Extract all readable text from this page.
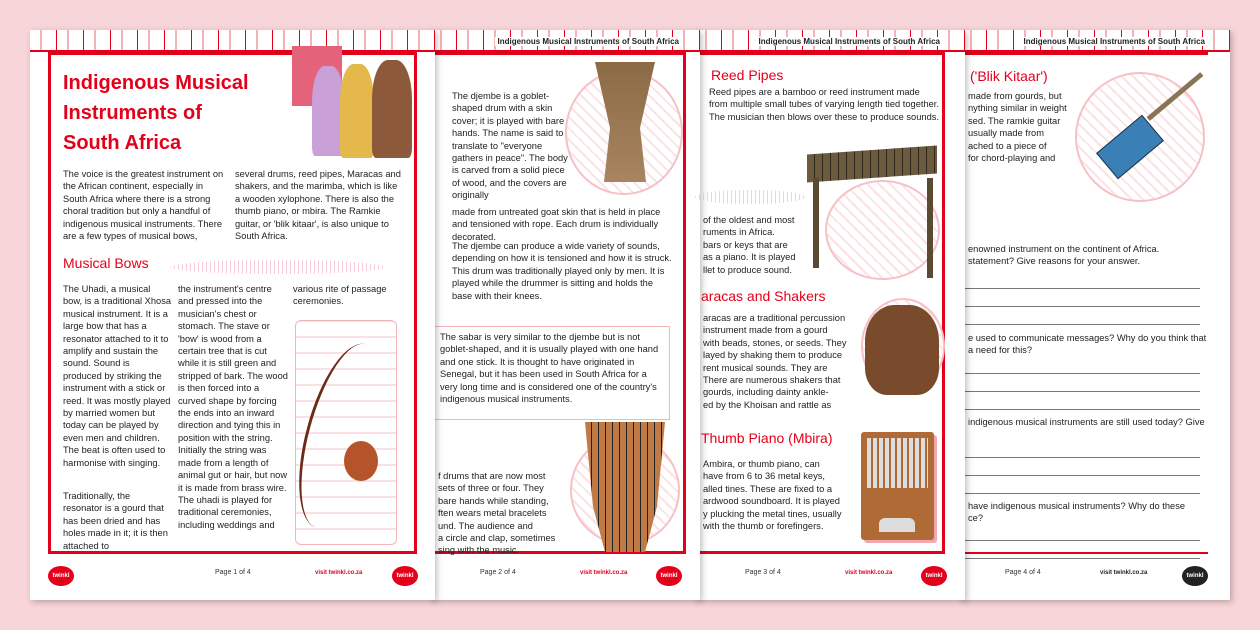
Indigenous Musical Instruments of South Africa
('Blik Kitaar')
made from gourds, but
nything similar in weight
sed. The ramkie guitar
usually made from
ached to a piece of
for chord-playing and
enowned instrument on the continent of Africa.
statement? Give reasons for your answer.
e used to communicate messages? Why do you think that
a need for this?
indigenous musical instruments are still used today? Give
have indigenous musical instruments? Why do these
ce?
Page 4 of 4	visit twinkl.co.za	twinkl
Indigenous Musical Instruments of South Africa
Reed Pipes
Reed pipes are a bamboo or reed instrument made from multiple small tubes of varying length tied together. The musician then blows over these to produce sounds.
of the oldest and most
ruments in Africa.
bars or keys that are
as a piano. It is played
llet to produce sound.
aracas and Shakers
aracas are a traditional percussion
instrument made from a gourd
with beads, stones, or seeds. They
layed by shaking them to produce
rent musical sounds. They are
There are numerous shakers that
gourds, including dainty ankle-
ed by the Khoisan and rattle as
Thumb Piano (Mbira)
Ambira, or thumb piano, can
have from 6 to 36 metal keys,
alled tines. These are fixed to a
ardwood soundboard. It is played
y plucking the metal tines, usually
with the thumb or forefingers.
Page 3 of 4	visit twinkl.co.za	twinkl
Indigenous Musical Instruments of South Africa
The djembe is a goblet-shaped drum with a skin cover; it is played with bare hands. The name is said to translate to "everyone gathers in peace". The body is carved from a solid piece of wood, and the covers are originally
made from untreated goat skin that is held in place and tensioned with rope. Each drum is individually decorated.
The djembe can produce a wide variety of sounds, depending on how it is tensioned and how it is struck. This drum was traditionally played only by men. It is played while the drummer is sitting and holds the base with their knees.
The sabar is very similar to the djembe but is not goblet-shaped, and it is usually played with one hand and one stick. It is thought to have originated in Senegal, but it has been used in South Africa for a very long time and is considered one of the country's indigenous musical instruments.
f drums that are now most
sets of three or four. They
bare hands while standing,
ften wears metal bracelets
und. The audience and
a circle and clap, sometimes
sing with the music.
Page 2 of 4	visit twinkl.co.za	twinkl
Indigenous Musical
Instruments of
South Africa
The voice is the greatest instrument on the African continent, especially in South Africa where there is a strong choral tradition but only a handful of indigenous musical instruments. There are a few types of musical bows,
several drums, reed pipes, Maracas and shakers, and the marimba, which is like a wooden xylophone. There is also the thumb piano, or mbira. The Ramkie guitar, or 'blik kitaar', is also unique to South Africa.
Musical Bows
The Uhadi, a musical bow, is a traditional Xhosa musical instrument. It is a large bow that has a resonator attached to it to amplify and sustain the sound. Sound is produced by striking the instrument with a stick or reed. It was mostly played by married women but today can be played by even men and children. The beat is often used to harmonise with singing.
Traditionally, the resonator is a gourd that has been dried and has holes made in it; it is then attached to
the instrument's centre and pressed into the musician's chest or stomach. The stave or 'bow' is wood from a certain tree that is cut while it is still green and stripped of bark. The wood is then forced into a curved shape by forcing the ends into an inward direction and tying this in position with the string. Initially the string was made from a length of animal gut or hair, but now it is made from brass wire. The uhadi is played for traditional ceremonies, including weddings and
various rite of passage ceremonies.
twinkl	Page 1 of 4	visit twinkl.co.za	twinkl
